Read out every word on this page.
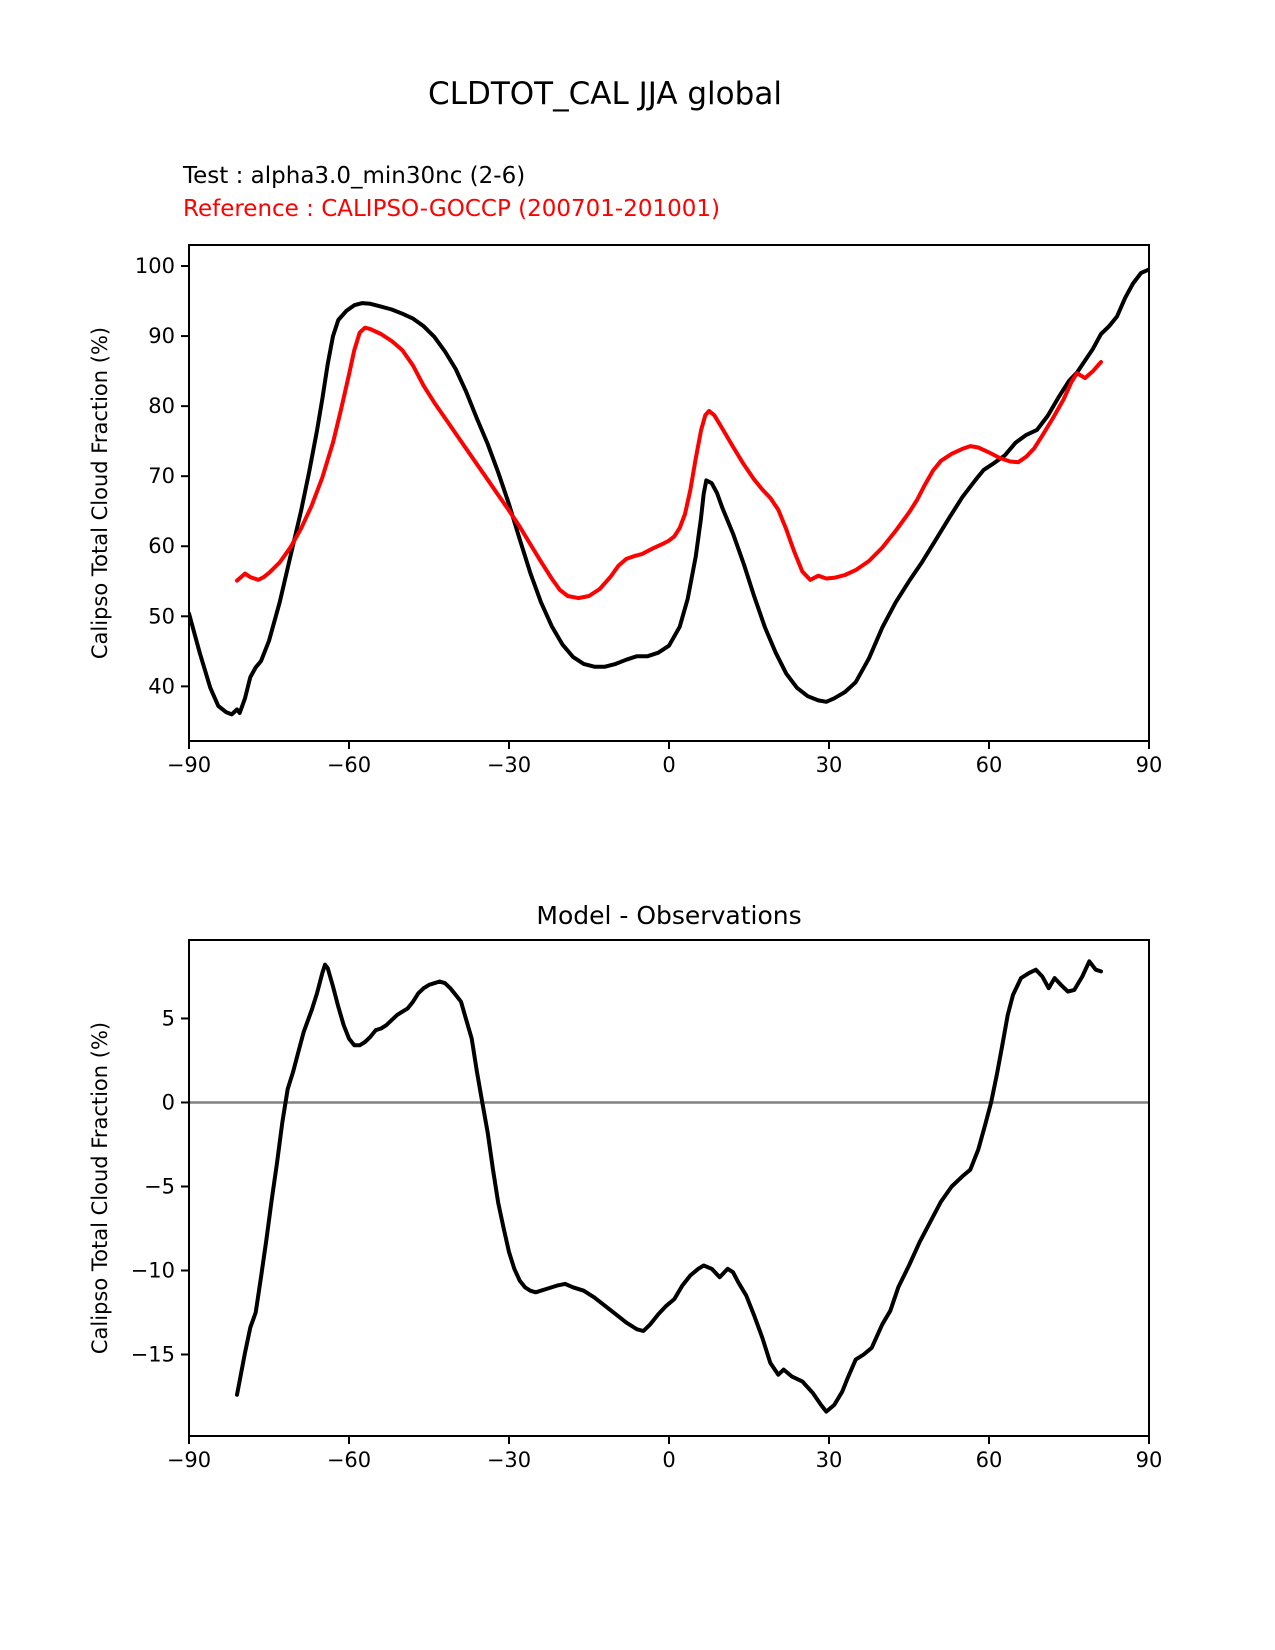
CLDTOT_CAL JJA global
Test : alpha3.0_min30nc (2-6)
Reference : CALIPSO-GOCCP (200701-201001)
−90	−60	−30	0	30	60	90
40
50
60
70
80
90
100
Calipso Total Cloud Fraction (%)
−90	−60	−30	0	30	60	90
−15
−10
−5
0
5
Model - Observations
Calipso Total Cloud Fraction (%)
